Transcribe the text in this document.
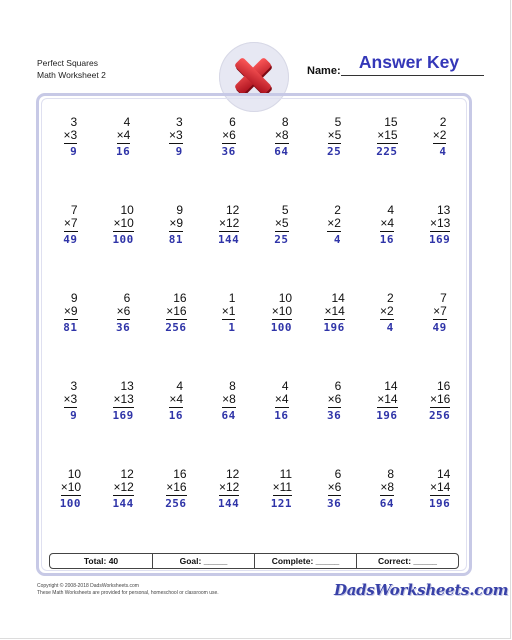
Perfect Squares
Math Worksheet 2	Name:	Answer Key
3
×3
9
4
×4
16
3
×3
9
6
×6
36
8
×8
64
5
×5
25
15
×15
225
2
×2
4
7
×7
49
10
×10
100
9
×9
81
12
×12
144
5
×5
25
2
×2
4
4
×4
16
13
×13
169
9
×9
81
6
×6
36
16
×16
256
1
×1
1
10
×10
100
14
×14
196
2
×2
4
7
×7
49
3
×3
9
13
×13
169
4
×4
16
8
×8
64
4
×4
16
6
×6
36
14
×14
196
16
×16
256
10
×10
100
12
×12
144
16
×16
256
12
×12
144
11
×11
121
6
×6
36
8
×8
64
14
×14
196
Total: 40	Goal: _____	Complete: _____	Correct: _____
Copyright © 2008-2018 DadsWorksheets.com
These Math Worksheets are provided for personal, homeschool or classroom use.	DadsWorksheets.com
